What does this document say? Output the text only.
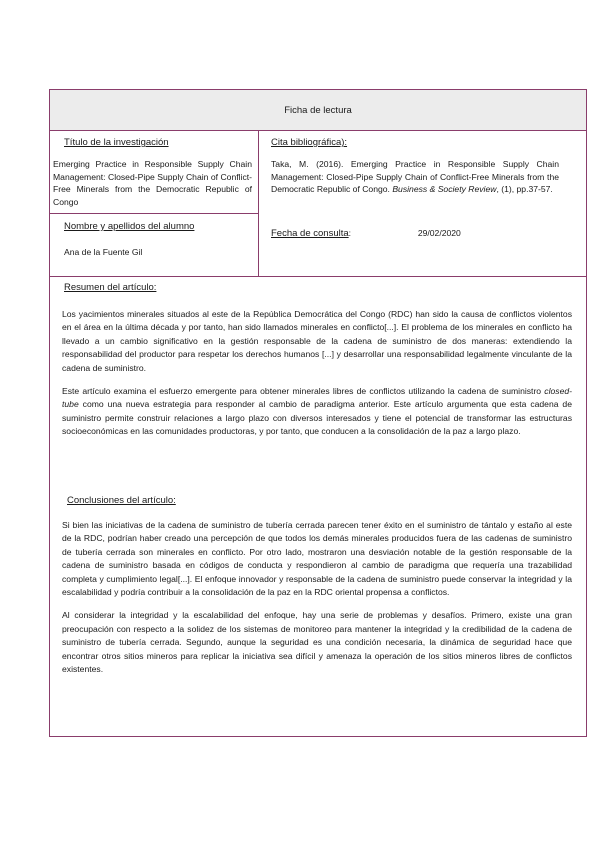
Ficha de lectura
Título de la investigación
Emerging Practice in Responsible Supply Chain Management: Closed-Pipe Supply Chain of Conflict-Free Minerals from the Democratic Republic of Congo
Nombre y apellidos del alumno
Ana de la Fuente Gil
Cita bibliográfica):
Taka, M. (2016). Emerging Practice in Responsible Supply Chain Management: Closed-Pipe Supply Chain of Conflict-Free Minerals from the Democratic Republic of Congo. Business & Society Review, (1), pp.37-57.
Fecha de consulta:	29/02/2020
Resumen del artículo:

Los yacimientos minerales situados al este de la República Democrática del Congo (RDC) han sido la causa de conflictos violentos en el área en la última década y por tanto, han sido llamados minerales en conflicto[...]. El problema de los minerales en conflicto ha llevado a un cambio significativo en la gestión responsable de la cadena de suministro de dos maneras: extendiendo la responsabilidad del productor para respetar los derechos humanos [...] y desarrollar una responsabilidad legalmente vinculante de la cadena de suministro.

Este artículo examina el esfuerzo emergente para obtener minerales libres de conflictos utilizando la cadena de suministro closed-tube como una nueva estrategia para responder al cambio de paradigma anterior. Este artículo argumenta que esta cadena de suministro permite construir relaciones a largo plazo con diversos interesados y tiene el potencial de transformar las estructuras socioeconómicas en las comunidades productoras, y por tanto, que conducen a la consolidación de la paz a largo plazo.

Conclusiones del artículo:

Si bien las iniciativas de la cadena de suministro de tubería cerrada parecen tener éxito en el suministro de tántalo y estaño al este de la RDC, podrían haber creado una percepción de que todos los demás minerales producidos fuera de las cadenas de suministro de tubería cerrada son minerales en conflicto. Por otro lado, mostraron una desviación notable de la gestión responsable de la cadena de suministro basada en códigos de conducta y respondieron al cambio de paradigma que requería una trazabilidad completa y cumplimiento legal[...]. El enfoque innovador y responsable de la cadena de suministro puede conservar la integridad y la escalabilidad y podría contribuir a la consolidación de la paz en la RDC oriental propensa a conflictos.

Al considerar la integridad y la escalabilidad del enfoque, hay una serie de problemas y desafíos. Primero, existe una gran preocupación con respecto a la solidez de los sistemas de monitoreo para mantener la integridad y la credibilidad de la cadena de suministro de tubería cerrada. Segundo, aunque la seguridad es una condición necesaria, la dinámica de seguridad hace que encontrar otros sitios mineros para replicar la iniciativa sea difícil y amenaza la operación de los sitios mineros libres de conflictos existentes.
